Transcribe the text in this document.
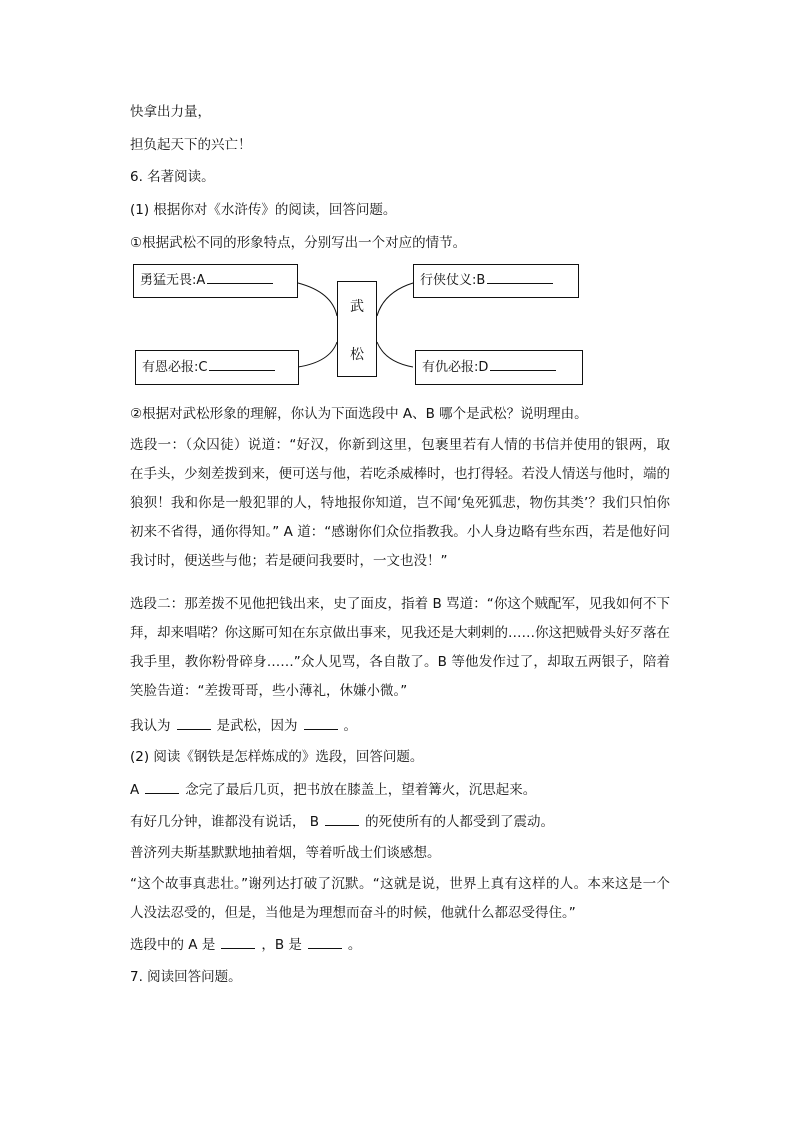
快拿出力量，
担负起天下的兴亡！
6. 名著阅读。
(1) 根据你对《水浒传》的阅读，回答问题。
①根据武松不同的形象特点，分别写出一个对应的情节。
勇猛无畏:A	行侠仗义:B
有恩必报:C	有仇必报:D
武
松
②根据对武松形象的理解，你认为下面选段中 A、B 哪个是武松？说明理由。
选段一：（众囚徒）说道：“好汉，你新到这里，包裹里若有人情的书信并使用的银两，取在手头，少刻差拨到来，便可送与他，若吃杀威棒时，也打得轻。若没人情送与他时，端的狼狈！我和你是一般犯罪的人，特地报你知道，岂不闻‘兔死狐悲，物伤其类’？我们只怕你初来不省得，通你得知。” A 道：“感谢你们众位指教我。小人身边略有些东西，若是他好问我讨时，便送些与他；若是硬问我要时，一文也没！”
选段二：那差拨不见他把钱出来，史了面皮，指着 B 骂道：“你这个贼配军，见我如何不下拜，却来唱喏？你这厮可知在东京做出事来，见我还是大剌剌的……你这把贼骨头好歹落在我手里，教你粉骨碎身……”众人见骂，各自散了。B 等他发作过了，却取五两银子，陪着笑脸告道：“差拨哥哥，些小薄礼，休嫌小微。”
我认为	是武松，因为	。
(2) 阅读《钢铁是怎样炼成的》选段，回答问题。
A	念完了最后几页，把书放在膝盖上，望着篝火，沉思起来。
有好几分钟，谁都没有说话， B	的死使所有的人都受到了震动。
普济列夫斯基默默地抽着烟，等着听战士们谈感想。
“这个故事真悲壮。”谢列达打破了沉默。“这就是说，世界上真有这样的人。本来这是一个人没法忍受的，但是，当他是为理想而奋斗的时候，他就什么都忍受得住。”
选段中的 A 是	，B 是	。
7. 阅读回答问题。
